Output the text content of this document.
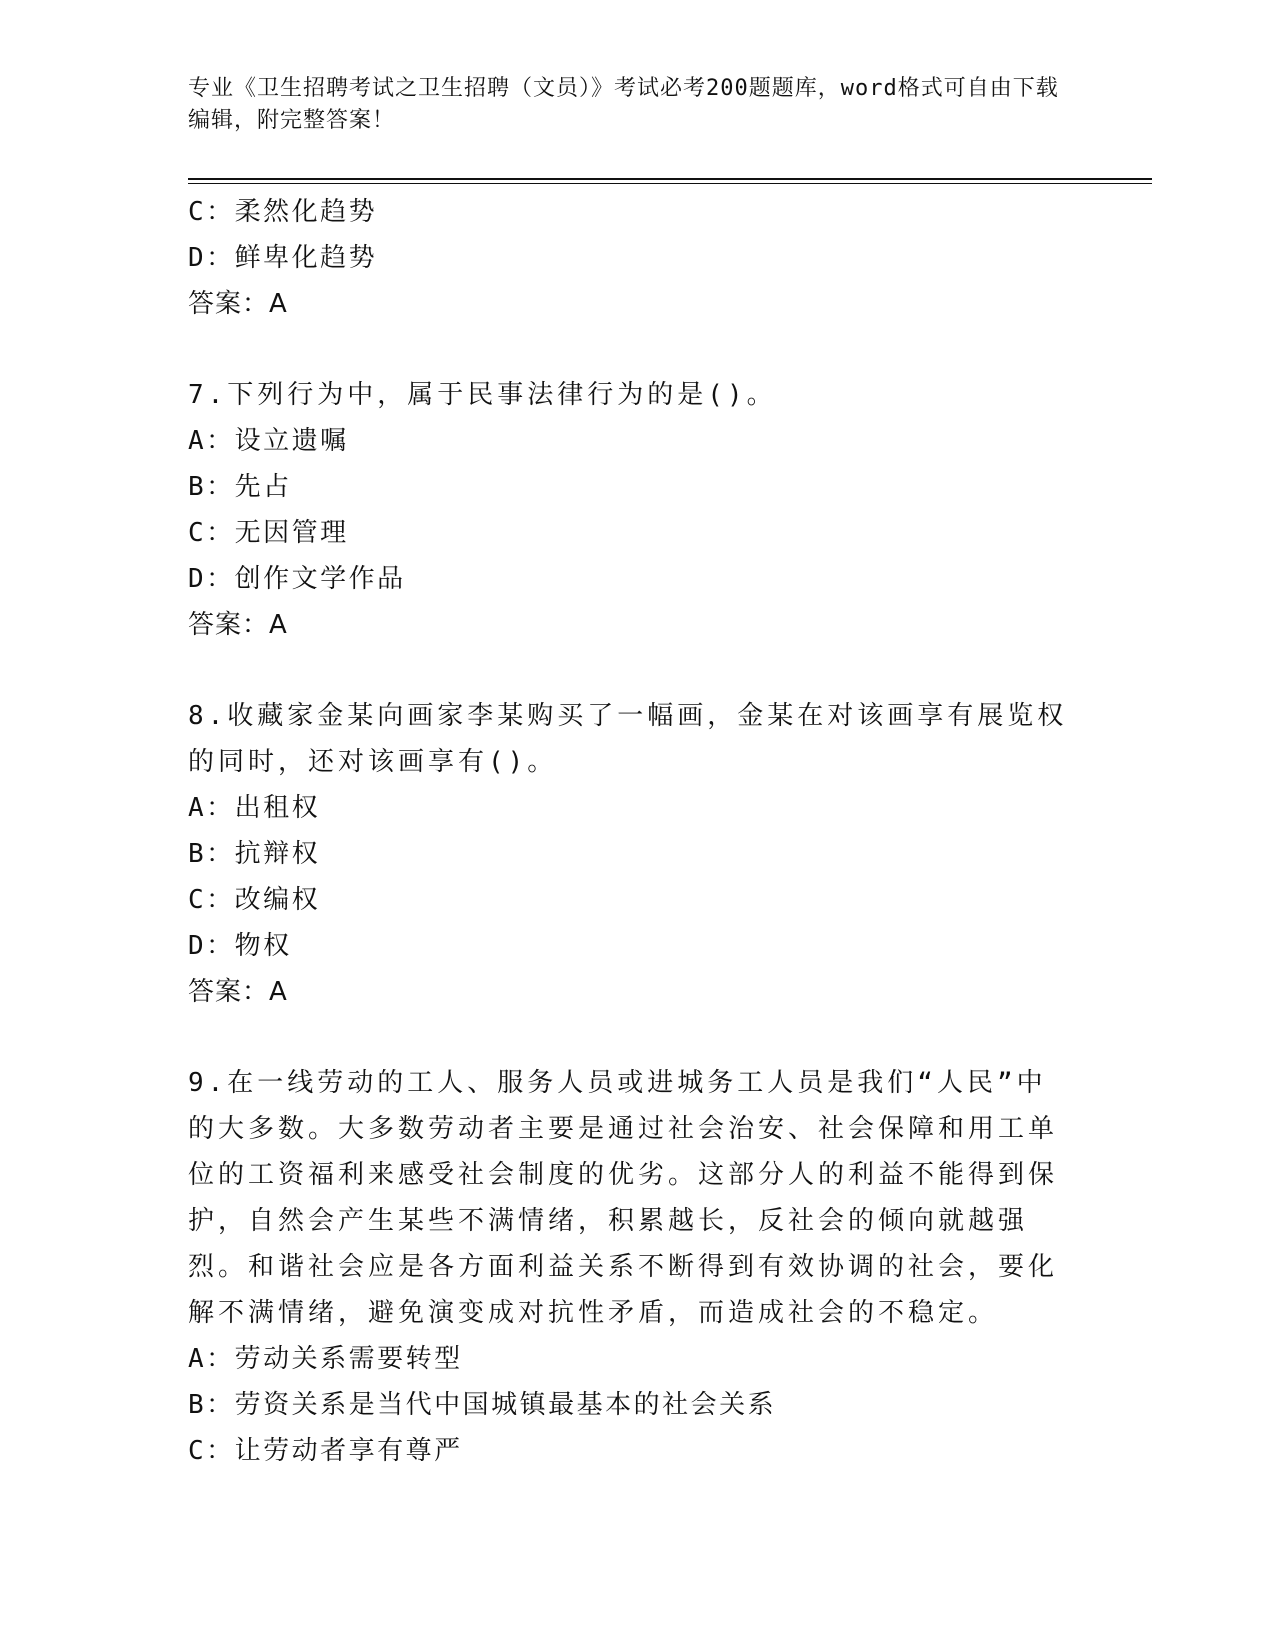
专业《卫生招聘考试之卫生招聘（文员）》考试必考200题题库，word格式可自由下载编辑，附完整答案！
C：柔然化趋势
D：鲜卑化趋势
答案：A
7.下列行为中，属于民事法律行为的是()。
A：设立遗嘱
B：先占
C：无因管理
D：创作文学作品
答案：A
8.收藏家金某向画家李某购买了一幅画，金某在对该画享有展览权的同时，还对该画享有()。
A：出租权
B：抗辩权
C：改编权
D：物权
答案：A
9.在一线劳动的工人、服务人员或进城务工人员是我们“人民”中的大多数。大多数劳动者主要是通过社会治安、社会保障和用工单位的工资福利来感受社会制度的优劣。这部分人的利益不能得到保护，自然会产生某些不满情绪，积累越长，反社会的倾向就越强烈。和谐社会应是各方面利益关系不断得到有效协调的社会，要化解不满情绪，避免演变成对抗性矛盾，而造成社会的不稳定。
A：劳动关系需要转型
B：劳资关系是当代中国城镇最基本的社会关系
C：让劳动者享有尊严
